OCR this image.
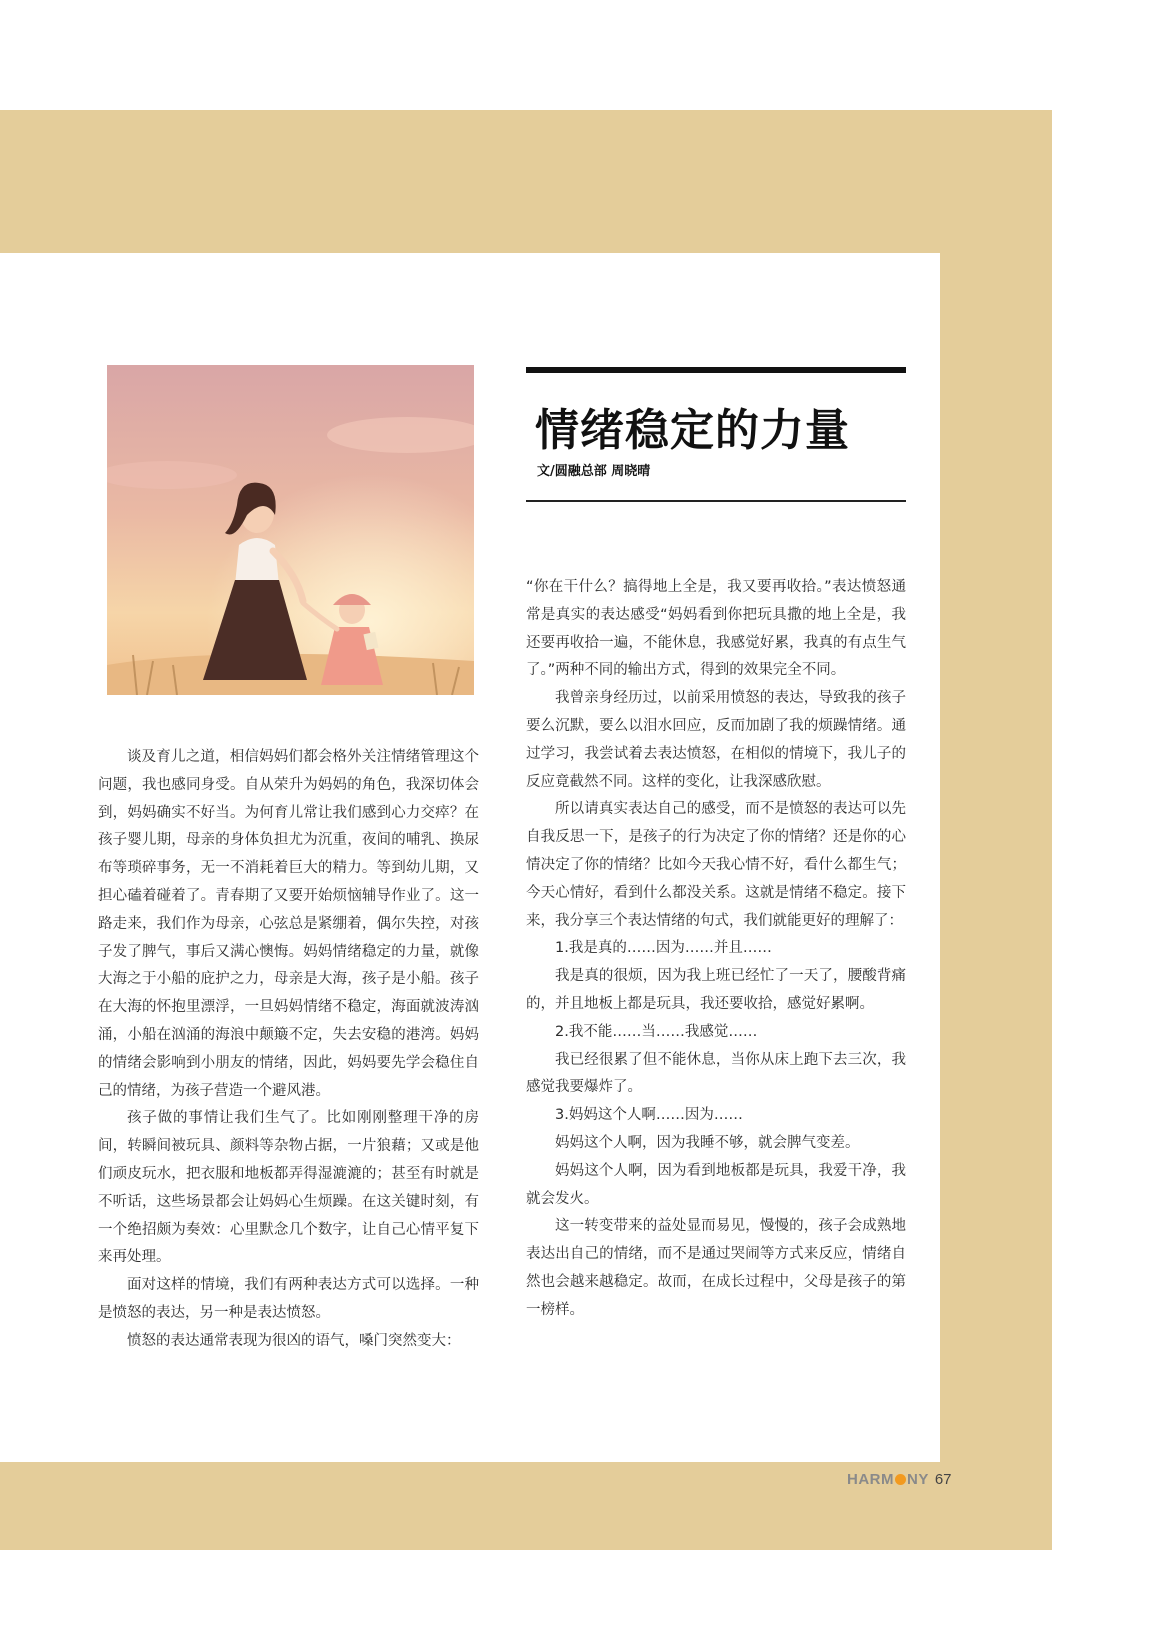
情绪稳定的力量
文/圆融总部 周晓晴

谈及育儿之道，相信妈妈们都会格外关注情绪管理这个问题，我也感同身受。自从荣升为妈妈的角色，我深切体会到，妈妈确实不好当。为何育儿常让我们感到心力交瘁？在孩子婴儿期，母亲的身体负担尤为沉重，夜间的哺乳、换尿布等琐碎事务，无一不消耗着巨大的精力。等到幼儿期，又担心磕着碰着了。青春期了又要开始烦恼辅导作业了。这一路走来，我们作为母亲，心弦总是紧绷着，偶尔失控，对孩子发了脾气，事后又满心懊悔。妈妈情绪稳定的力量，就像大海之于小船的庇护之力，母亲是大海，孩子是小船。孩子在大海的怀抱里漂浮，一旦妈妈情绪不稳定，海面就波涛汹涌，小船在汹涌的海浪中颠簸不定，失去安稳的港湾。妈妈的情绪会影响到小朋友的情绪，因此，妈妈要先学会稳住自己的情绪，为孩子营造一个避风港。

孩子做的事情让我们生气了。比如刚刚整理干净的房间，转瞬间被玩具、颜料等杂物占据，一片狼藉；又或是他们顽皮玩水，把衣服和地板都弄得湿漉漉的；甚至有时就是不听话，这些场景都会让妈妈心生烦躁。在这关键时刻，有一个绝招颇为奏效：心里默念几个数字，让自己心情平复下来再处理。

面对这样的情境，我们有两种表达方式可以选择。一种是愤怒的表达，另一种是表达愤怒。

愤怒的表达通常表现为很凶的语气，嗓门突然变大：

“你在干什么？搞得地上全是，我又要再收拾。”表达愤怒通常是真实的表达感受“妈妈看到你把玩具撒的地上全是，我还要再收拾一遍，不能休息，我感觉好累，我真的有点生气了。”两种不同的输出方式，得到的效果完全不同。

我曾亲身经历过，以前采用愤怒的表达，导致我的孩子要么沉默，要么以泪水回应，反而加剧了我的烦躁情绪。通过学习，我尝试着去表达愤怒，在相似的情境下，我儿子的反应竟截然不同。这样的变化，让我深感欣慰。

所以请真实表达自己的感受，而不是愤怒的表达可以先自我反思一下，是孩子的行为决定了你的情绪？还是你的心情决定了你的情绪？比如今天我心情不好，看什么都生气；今天心情好，看到什么都没关系。这就是情绪不稳定。接下来，我分享三个表达情绪的句式，我们就能更好的理解了：

1.我是真的……因为……并且……

我是真的很烦，因为我上班已经忙了一天了，腰酸背痛的，并且地板上都是玩具，我还要收拾，感觉好累啊。

2.我不能……当……我感觉……

我已经很累了但不能休息，当你从床上跑下去三次，我感觉我要爆炸了。

3.妈妈这个人啊……因为……

妈妈这个人啊，因为我睡不够，就会脾气变差。

妈妈这个人啊，因为看到地板都是玩具，我爱干净，我就会发火。

这一转变带来的益处显而易见，慢慢的，孩子会成熟地表达出自己的情绪，而不是通过哭闹等方式来反应，情绪自然也会越来越稳定。故而，在成长过程中，父母是孩子的第一榜样。

HARM NY 67
